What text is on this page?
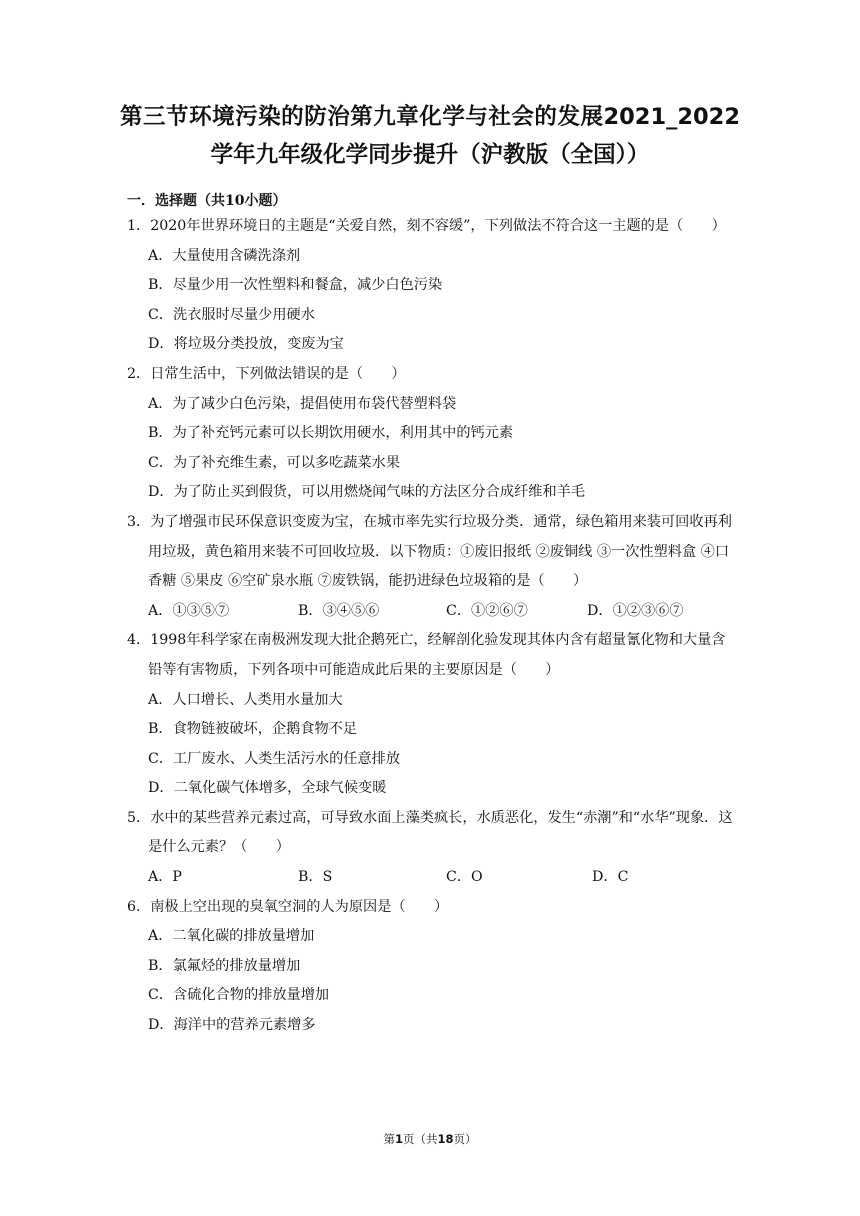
第三节环境污染的防治第九章化学与社会的发展2021_2022学年九年级化学同步提升（沪教版（全国））
一．选择题（共10小题）
1．2020年世界环境日的主题是“关爱自然，刻不容缓”，下列做法不符合这一主题的是（　　）
A．大量使用含磷洗涤剂
B．尽量少用一次性塑料和餐盒，减少白色污染
C．洗衣服时尽量少用硬水
D．将垃圾分类投放，变废为宝
2．日常生活中，下列做法错误的是（　　）
A．为了减少白色污染，提倡使用布袋代替塑料袋
B．为了补充钙元素可以长期饮用硬水，利用其中的钙元素
C．为了补充维生素，可以多吃蔬菜水果
D．为了防止买到假货，可以用燃烧闻气味的方法区分合成纤维和羊毛
3．为了增强市民环保意识变废为宝，在城市率先实行垃圾分类．通常，绿色箱用来装可回收再利用垃圾，黄色箱用来装不可回收垃圾．以下物质：①废旧报纸 ②废铜线 ③一次性塑料盒 ④口香糖 ⑤果皮 ⑥空矿泉水瓶 ⑦废铁锅，能扔进绿色垃圾箱的是（　　）
A．①③⑤⑦	B．③④⑤⑥	C．①②⑥⑦	D．①②③⑥⑦
4．1998年科学家在南极洲发现大批企鹅死亡，经解剖化验发现其体内含有超量氰化物和大量含铅等有害物质，下列各项中可能造成此后果的主要原因是（　　）
A．人口增长、人类用水量加大
B．食物链被破坏，企鹅食物不足
C．工厂废水、人类生活污水的任意排放
D．二氧化碳气体增多，全球气候变暖
5．水中的某些营养元素过高，可导致水面上藻类疯长，水质恶化，发生“赤潮”和“水华”现象．这是什么元素？（　　）
A．P	B．S	C．O	D．C
6．南极上空出现的臭氧空洞的人为原因是（　　）
A．二氧化碳的排放量增加
B．氯氟烃的排放量增加
C．含硫化合物的排放量增加
D．海洋中的营养元素增多
第1页（共18页）
